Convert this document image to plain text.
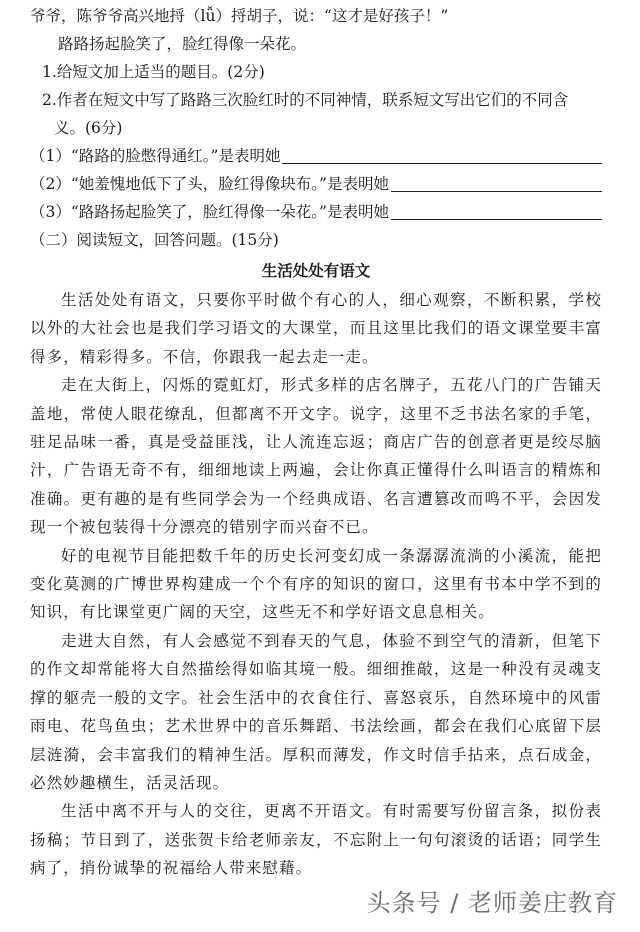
爷爷，陈爷爷高兴地捋（lǚ）捋胡子，说：“这才是好孩子！”
路路扬起脸笑了，脸红得像一朵花。
1.给短文加上适当的题目。(2分)
2.作者在短文中写了路路三次脸红时的不同神情，联系短文写出它们的不同含
义。(6分)
（1）“路路的脸憋得通红。”是表明她
（2）“她羞愧地低下了头，脸红得像块布。”是表明她
（3）“路路扬起脸笑了，脸红得像一朵花。”是表明她
（二）阅读短文，回答问题。(15分)
生活处处有语文

生活处处有语文，只要你平时做个有心的人，细心观察，不断积累，学校以外的大社会也是我们学习语文的大课堂，而且这里比我们的语文课堂要丰富得多，精彩得多。不信，你跟我一起去走一走。

走在大街上，闪烁的霓虹灯，形式多样的店名牌子，五花八门的广告铺天盖地，常使人眼花缭乱，但都离不开文字。说字，这里不乏书法名家的手笔，驻足品味一番，真是受益匪浅，让人流连忘返；商店广告的创意者更是绞尽脑汁，广告语无奇不有，细细地读上两遍，会让你真正懂得什么叫语言的精炼和准确。更有趣的是有些同学会为一个经典成语、名言遭篡改而鸣不平，会因发现一个被包装得十分漂亮的错别字而兴奋不已。

好的电视节目能把数千年的历史长河变幻成一条潺潺流淌的小溪流，能把变化莫测的广博世界构建成一个个有序的知识的窗口，这里有书本中学不到的知识，有比课堂更广阔的天空，这些无不和学好语文息息相关。

走进大自然，有人会感觉不到春天的气息，体验不到空气的清新，但笔下的作文却常能将大自然描绘得如临其境一般。细细推敲，这是一种没有灵魂支撑的躯壳一般的文字。社会生活中的衣食住行、喜怒哀乐，自然环境中的风雷雨电、花鸟鱼虫；艺术世界中的音乐舞蹈、书法绘画，都会在我们心底留下层层涟漪，会丰富我们的精神生活。厚积而薄发，作文时信手拈来，点石成金，必然妙趣横生，活灵活现。

生活中离不开与人的交往，更离不开语文。有时需要写份留言条，拟份表扬稿；节日到了，送张贺卡给老师亲友，不忘附上一句句滚烫的话语；同学生病了，捎份诚挚的祝福给人带来慰藉。

头条号 / 老师姜庄教育
